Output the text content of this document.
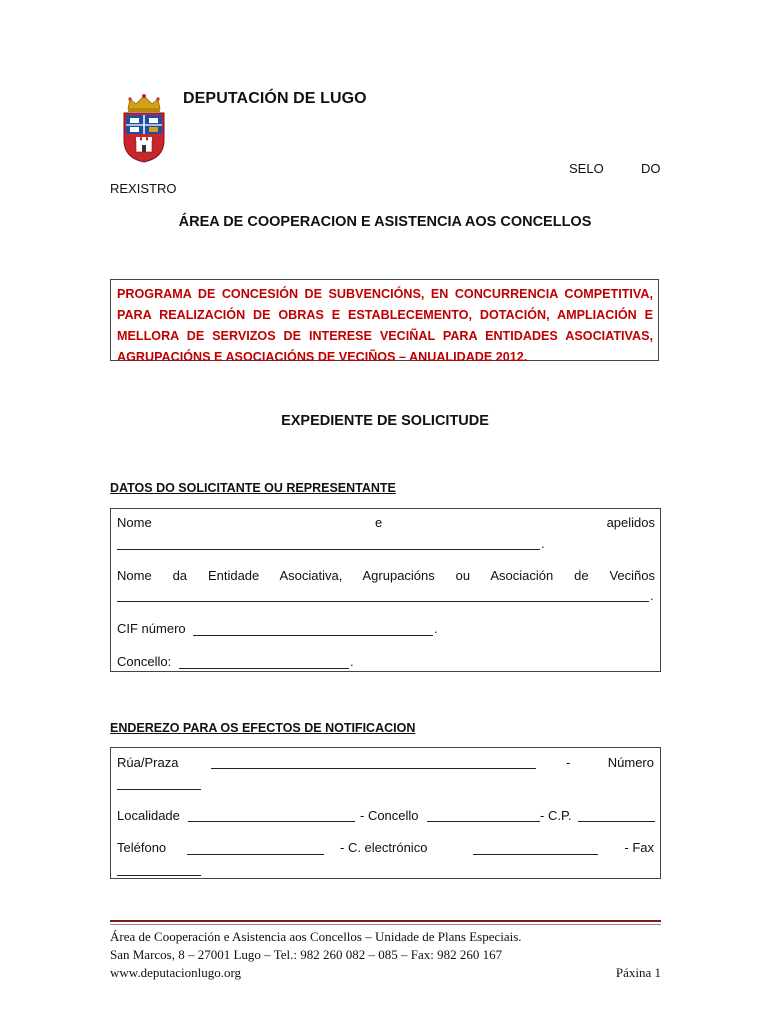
DEPUTACIÓN DE LUGO
SELO	DO
REXISTRO
ÁREA DE COOPERACION E ASISTENCIA AOS CONCELLOS
PROGRAMA DE CONCESIÓN DE SUBVENCIÓNS, EN CONCURRENCIA COMPETITIVA,
PARA REALIZACIÓN DE OBRAS E ESTABLECEMENTO, DOTACIÓN, AMPLIACIÓN E
MELLORA DE SERVIZOS DE INTERESE VECIÑAL PARA ENTIDADES ASOCIATIVAS,
AGRUPACIÓNS E ASOCIACIÓNS DE VECIÑOS – ANUALIDADE 2012.
EXPEDIENTE DE SOLICITUDE
DATOS DO SOLICITANTE OU REPRESENTANTE
Nome	e	apelidos
.
Nome da Entidade Asociativa, Agrupacións ou Asociación de Veciños
.
CIF número	.
Concello:	.
ENDEREZO PARA OS EFECTOS DE NOTIFICACION
Rúa/Praza	-	Número
Localidade	- Concello	- C.P.
Teléfono	- C. electrónico	- Fax
Área de Cooperación e Asistencia aos Concellos – Unidade de Plans Especiais.
San Marcos, 8 – 27001 Lugo – Tel.: 982 260 082 – 085 – Fax: 982 260 167
www.deputacionlugo.org	Páxina 1
